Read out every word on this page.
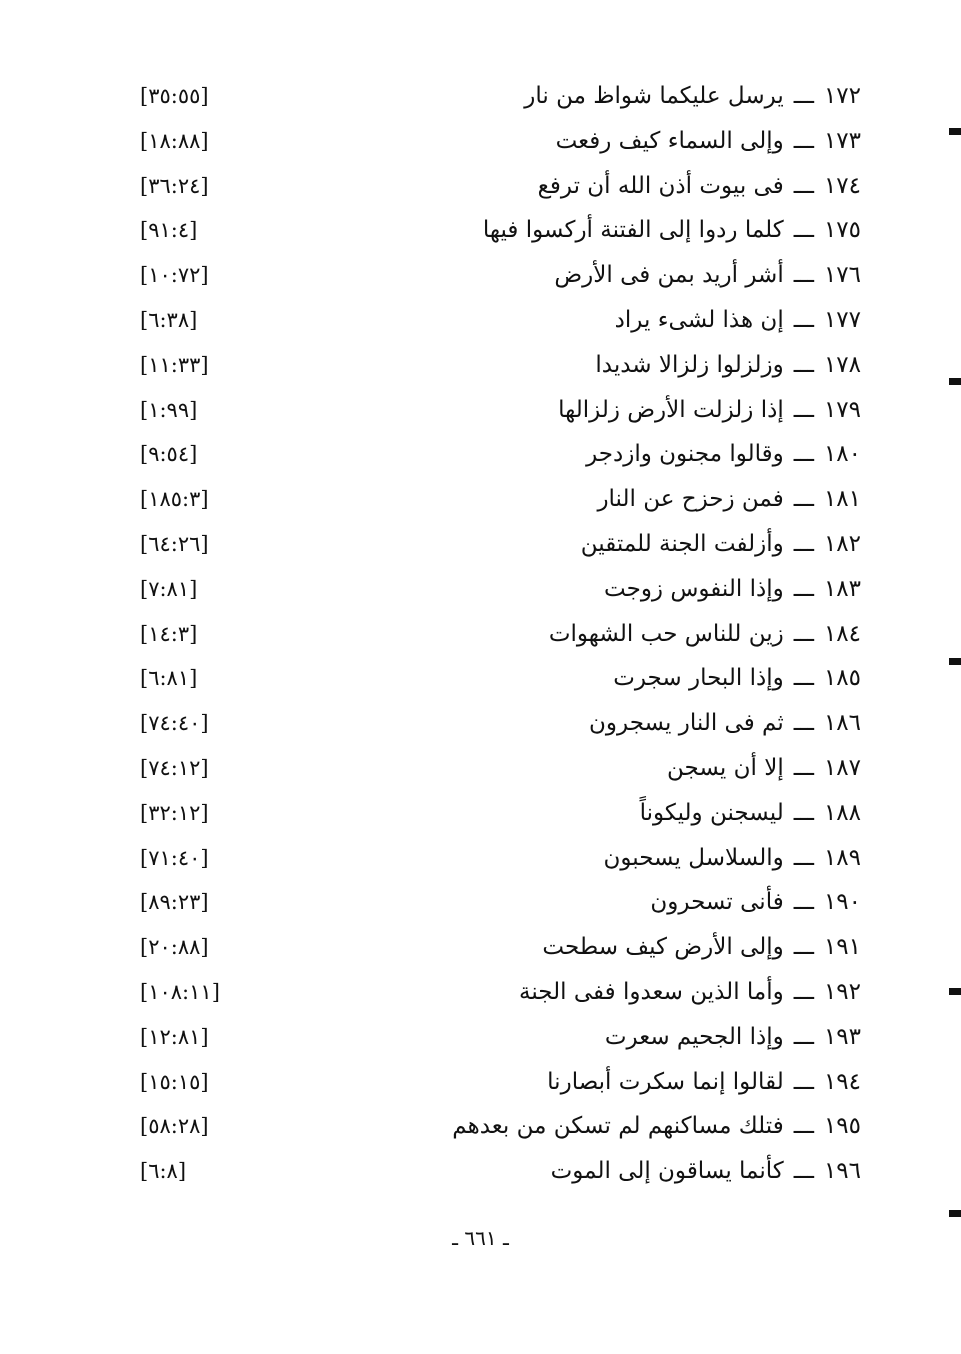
١٧٢ـــيرسل عليكما شواظ من نار
[٣٥:٥٥]
١٧٣ـــوإلى السماء كيف رفعت
[١٨:٨٨]
١٧٤ـــفى بيوت أذن الله أن ترفع
[٣٦:٢٤]
١٧٥ـــكلما ردوا إلى الفتنة أركسوا فيها
[٩١:٤]
١٧٦ـــأشر أريد بمن فى الأرض
[١٠:٧٢]
١٧٧ـــإن هذا لشىء يراد
[٦:٣٨]
١٧٨ـــوزلزلوا زلزالا شديدا
[١١:٣٣]
١٧٩ـــإذا زلزلت الأرض زلزالها
[١:٩٩]
١٨٠ـــوقالوا مجنون وازدجر
[٩:٥٤]
١٨١ـــفمن زحزح عن النار
[١٨٥:٣]
١٨٢ـــوأزلفت الجنة للمتقين
[٦٤:٢٦]
١٨٣ـــوإذا النفوس زوجت
[٧:٨١]
١٨٤ـــزين للناس حب الشهوات
[١٤:٣]
١٨٥ـــوإذا البحار سجرت
[٦:٨١]
١٨٦ـــثم فى النار يسجرون
[٧٤:٤٠]
١٨٧ـــإلا أن يسجن
[٧٤:١٢]
١٨٨ـــليسجنن وليكوناً
[٣٢:١٢]
١٨٩ـــوالسلاسل يسحبون
[٧١:٤٠]
١٩٠ـــفأنى تسحرون
[٨٩:٢٣]
١٩١ـــوإلى الأرض كيف سطحت
[٢٠:٨٨]
١٩٢ـــوأما الذين سعدوا ففى الجنة
[١٠٨:١١]
١٩٣ـــوإذا الجحيم سعرت
[١٢:٨١]
١٩٤ـــلقالوا إنما سكرت أبصارنا
[١٥:١٥]
١٩٥ـــفتلك مساكنهم لم تسكن من بعدهم
[٥٨:٢٨]
١٩٦ـــكأنما يساقون إلى الموت
[٦:٨]
ـ ٦٦١ ـ
